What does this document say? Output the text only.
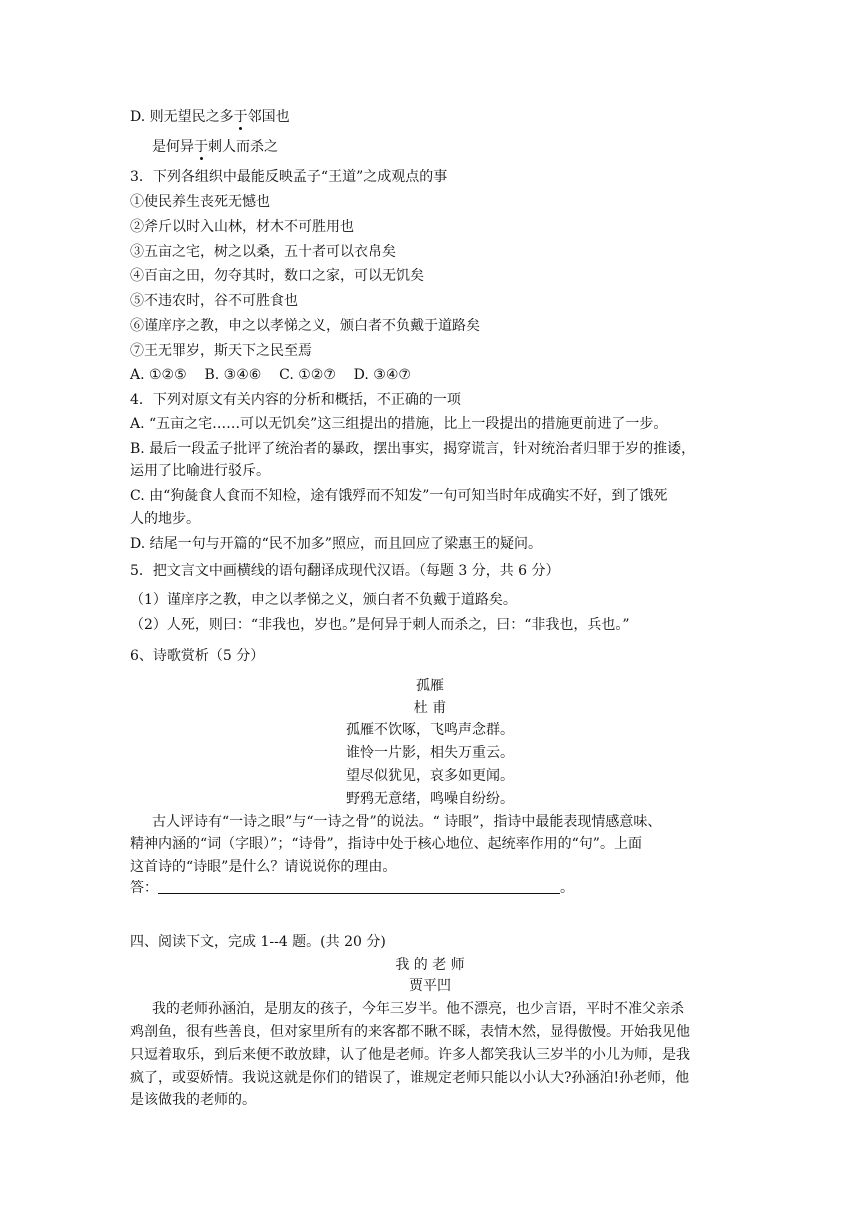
D. 则无望民之多于邻国也
是何异于刺人而杀之
3．下列各组织中最能反映孟子“王道”之成观点的事
①使民养生丧死无憾也
②斧斤以时入山林，材木不可胜用也
③五亩之宅，树之以桑，五十者可以衣帛矣
④百亩之田，勿夺其时，数口之家，可以无饥矣
⑤不违农时，谷不可胜食也
⑥谨庠序之教，申之以孝悌之义，颁白者不负戴于道路矣
⑦王无罪岁，斯天下之民至焉
A. ①②⑤    B. ③④⑥    C. ①②⑦    D. ③④⑦
4．下列对原文有关内容的分析和概括，不正确的一项
A. “五亩之宅……可以无饥矣”这三组提出的措施，比上一段提出的措施更前进了一步。
B. 最后一段孟子批评了统治者的暴政，摆出事实，揭穿谎言，针对统治者归罪于岁的推诿，
运用了比喻进行驳斥。
C. 由“狗彘食人食而不知检，途有饿殍而不知发”一句可知当时年成确实不好，到了饿死
人的地步。
D. 结尾一句与开篇的“民不加多”照应，而且回应了梁惠王的疑问。
5．把文言文中画横线的语句翻译成现代汉语。（每题 3 分，共 6 分）
（1）谨庠序之教，申之以孝悌之义，颁白者不负戴于道路矣。
（2）人死，则曰：“非我也，岁也。”是何异于刺人而杀之，曰：“非我也，兵也。”
6、诗歌赏析（5 分）
孤雁
杜 甫
孤雁不饮啄，飞鸣声念群。
谁怜一片影，相失万重云。
望尽似犹见，哀多如更闻。
野鸦无意绪，鸣噪自纷纷。
古人评诗有“一诗之眼”与“一诗之骨”的说法。“ 诗眼”，指诗中最能表现情感意味、
精神内涵的“词（字眼）”；“诗骨”，指诗中处于核心地位、起统率作用的“句”。上面
这首诗的“诗眼”是什么？请说说你的理由。
答：	。
四、阅读下文，完成 1--4 题。(共 20 分)
我 的 老 师
贾平凹
我的老师孙涵泊，是朋友的孩子，今年三岁半。他不漂亮，也少言语，平时不准父亲杀
鸡剖鱼，很有些善良，但对家里所有的来客都不瞅不睬，表情木然，显得傲慢。开始我见他
只逗着取乐，到后来便不敢放肆，认了他是老师。许多人都笑我认三岁半的小儿为师，是我
疯了，或耍娇情。我说这就是你们的错误了，谁规定老师只能以小认大?孙涵泊!孙老师，他
是该做我的老师的。
